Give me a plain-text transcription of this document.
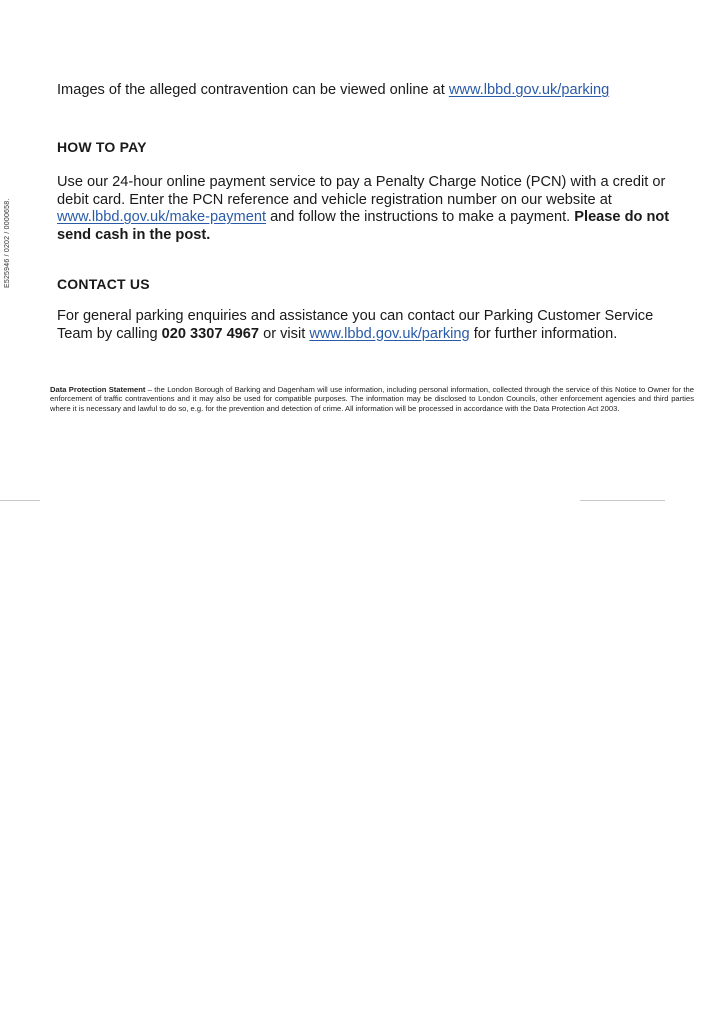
E525946 / 0202 / 0000658.
Images of the alleged contravention can be viewed online at www.lbbd.gov.uk/parking
HOW TO PAY
Use our 24-hour online payment service to pay a Penalty Charge Notice (PCN) with a credit or debit card. Enter the PCN reference and vehicle registration number on our website at www.lbbd.gov.uk/make-payment and follow the instructions to make a payment. Please do not send cash in the post.
CONTACT US
For general parking enquiries and assistance you can contact our Parking Customer Service Team by calling 020 3307 4967 or visit www.lbbd.gov.uk/parking for further information.
Data Protection Statement – the London Borough of Barking and Dagenham will use information, including personal information, collected through the service of this Notice to Owner for the enforcement of traffic contraventions and it may also be used for compatible purposes. The information may be disclosed to London Councils, other enforcement agencies and third parties where it is necessary and lawful to do so, e.g. for the prevention and detection of crime. All information will be processed in accordance with the Data Protection Act 2003.
